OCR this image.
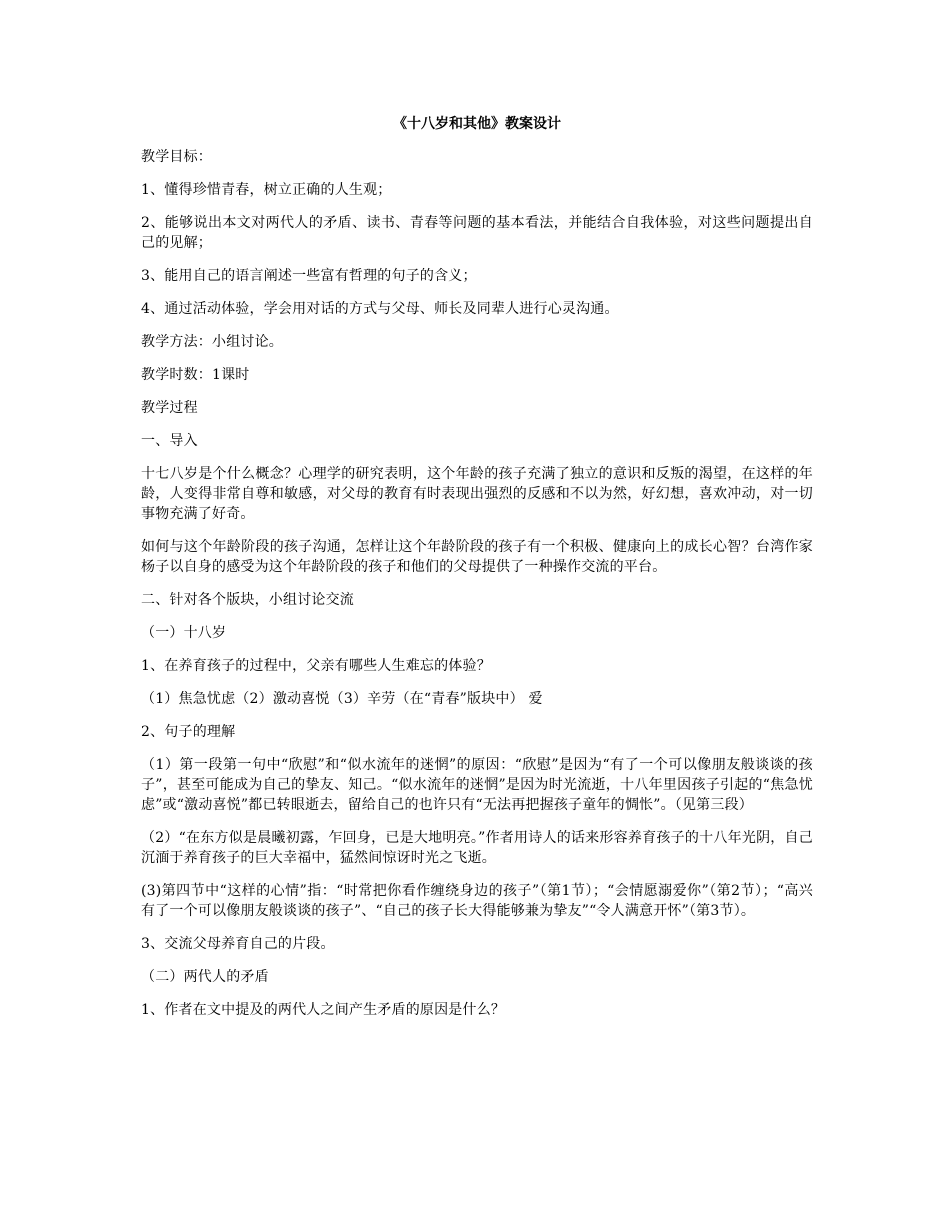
《十八岁和其他》教案设计
教学目标：
1、懂得珍惜青春，树立正确的人生观；
2、能够说出本文对两代人的矛盾、读书、青春等问题的基本看法，并能结合自我体验，对这些问题提出自己的见解；
3、能用自己的语言阐述一些富有哲理的句子的含义；
4、通过活动体验，学会用对话的方式与父母、师长及同辈人进行心灵沟通。
教学方法：小组讨论。
教学时数：1课时
教学过程
一、导入
十七八岁是个什么概念？心理学的研究表明，这个年龄的孩子充满了独立的意识和反叛的渴望，在这样的年龄，人变得非常自尊和敏感，对父母的教育有时表现出强烈的反感和不以为然，好幻想，喜欢冲动，对一切事物充满了好奇。
如何与这个年龄阶段的孩子沟通，怎样让这个年龄阶段的孩子有一个积极、健康向上的成长心智？台湾作家杨子以自身的感受为这个年龄阶段的孩子和他们的父母提供了一种操作交流的平台。
二、针对各个版块，小组讨论交流
（一）十八岁
1、在养育孩子的过程中，父亲有哪些人生难忘的体验？
（1）焦急忧虑（2）激动喜悦（3）辛劳（在“青春”版块中） 爱
2、句子的理解
（1）第一段第一句中“欣慰”和“似水流年的迷惘”的原因：“欣慰”是因为“有了一个可以像朋友般谈谈的孩子”，甚至可能成为自己的挚友、知己。“似水流年的迷惘”是因为时光流逝，十八年里因孩子引起的“焦急忧虑”或“激动喜悦”都已转眼逝去，留给自己的也许只有“无法再把握孩子童年的惆怅”。（见第三段）
（2）“在东方似是晨曦初露，乍回身，已是大地明亮。”作者用诗人的话来形容养育孩子的十八年光阴，自己沉湎于养育孩子的巨大幸福中，猛然间惊讶时光之飞逝。
(3)第四节中“这样的心情”指：“时常把你看作缠绕身边的孩子”（第1节）；“会情愿溺爱你”（第2节）；“高兴有了一个可以像朋友般谈谈的孩子”、“自己的孩子长大得能够兼为挚友”“令人满意开怀”（第3节）。
3、交流父母养育自己的片段。
（二）两代人的矛盾
1、作者在文中提及的两代人之间产生矛盾的原因是什么？
